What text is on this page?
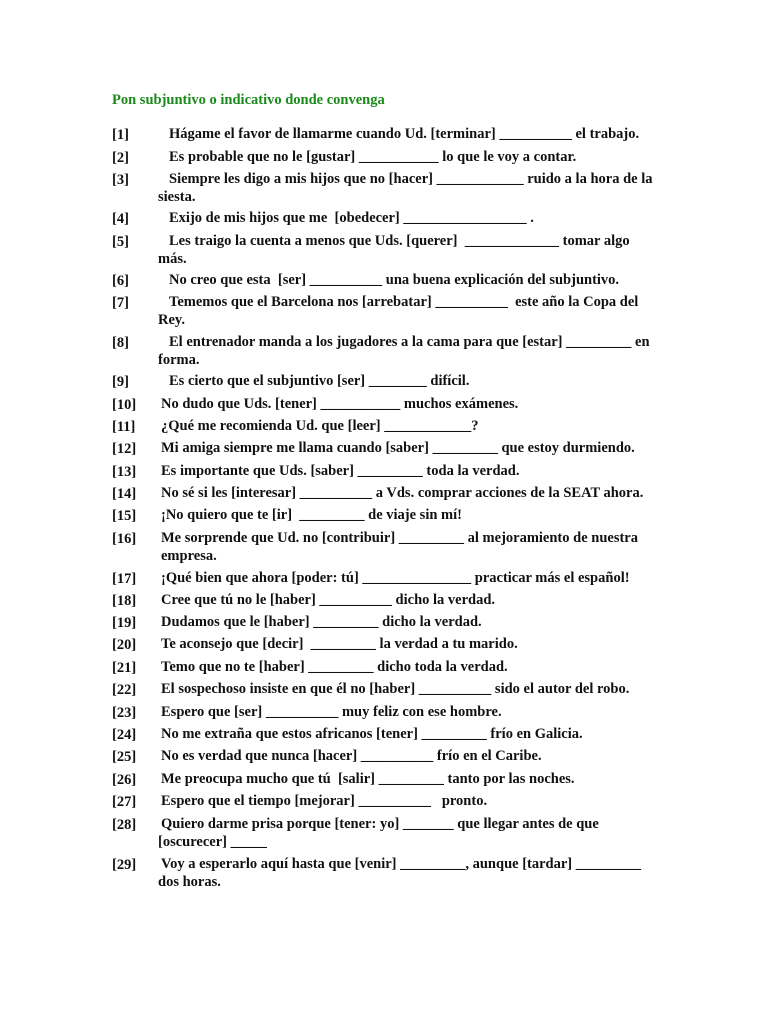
Pon subjuntivo o indicativo donde convenga
[1]	Hágame el favor de llamarme cuando Ud. [terminar] __________ el trabajo.
[2]	Es probable que no le [gustar] ___________ lo que le voy a contar.
[3]	Siempre les digo a mis hijos que no [hacer] ____________ ruido a la hora de la siesta.
[4]	Exijo de mis hijos que me  [obedecer] _________________ .
[5]	Les traigo la cuenta a menos que Uds. [querer]  _____________ tomar algo más.
[6]	No creo que esta  [ser] __________ una buena explicación del subjuntivo.
[7]	Tememos que el Barcelona nos [arrebatar] __________  este año la Copa del Rey.
[8]	El entrenador manda a los jugadores a la cama para que [estar] _________ en forma.
[9]	Es cierto que el subjuntivo [ser] ________ difícil.
[10] No dudo que Uds. [tener] ___________ muchos exámenes.
[11] ¿Qué me recomienda Ud. que [leer] ____________?
[12] Mi amiga siempre me llama cuando [saber] _________ que estoy durmiendo.
[13] Es importante que Uds. [saber] _________ toda la verdad.
[14] No sé si les [interesar] __________ a Vds. comprar acciones de la SEAT ahora.
[15] ¡No quiero que te [ir]  _________ de viaje sin mí!
[16] Me sorprende que Ud. no [contribuir] _________ al mejoramiento de nuestra empresa.
[17] ¡Qué bien que ahora [poder: tú] _______________ practicar más el español!
[18] Cree que tú no le [haber] __________ dicho la verdad.
[19] Dudamos que le [haber] _________ dicho la verdad.
[20] Te aconsejo que [decir]  _________ la verdad a tu marido.
[21] Temo que no te [haber] _________ dicho toda la verdad.
[22] El sospechoso insiste en que él no [haber] __________ sido el autor del robo.
[23] Espero que [ser] __________ muy feliz con ese hombre.
[24] No me extraña que estos africanos [tener] _________ frío en Galicia.
[25] No es verdad que nunca [hacer] __________ frío en el Caribe.
[26] Me preocupa mucho que tú  [salir] _________ tanto por las noches.
[27] Espero que el tiempo [mejorar] __________   pronto.
[28] Quiero darme prisa porque [tener: yo] _______ que llegar antes de que [oscurecer] _____
[29] Voy a esperarlo aquí hasta que [venir] _________, aunque [tardar] _________ dos horas.
